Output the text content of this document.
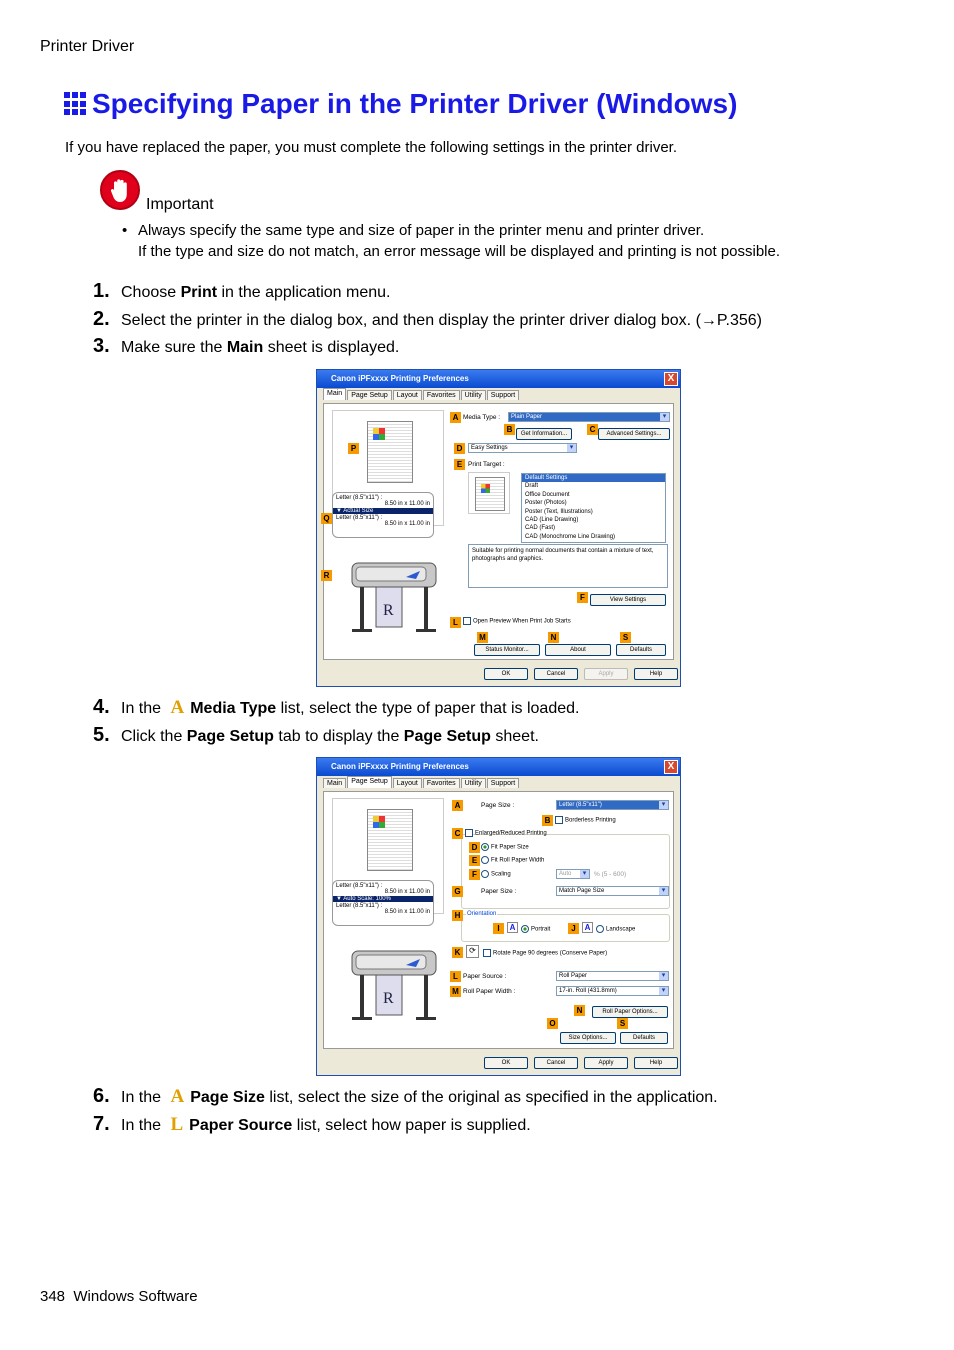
Printer Driver
Specifying Paper in the Printer Driver (Windows)
If you have replaced the paper, you must complete the following settings in the printer driver.
Important
• Always specify the same type and size of paper in the printer menu and printer driver.
If the type and size do not match, an error message will be displayed and printing is not possible.
1. Choose Print in the application menu.
2. Select the printer in the dialog box, and then display the printer driver dialog box. (→P.356)
3. Make sure the Main sheet is displayed.
Canon iPFxxxx Printing Preferences	X
Main	Page Setup	Layout	Favorites	Utility	Support
P
Letter (8.5"x11") :
8.50 in x 11.00 in
▼ Actual Size
Letter (8.5"x11") :
8.50 in x 11.00 in
Q
R
R
A Media Type :	Plain Paper ▾
B	Get Information...	C	Advanced Settings...
D	Easy Settings ▾
E Print Target :
Default Settings
Draft
Office Document
Poster (Photos)
Poster (Text, Illustrations)
CAD (Line Drawing)
CAD (Fast)
CAD (Monochrome Line Drawing)
Suitable for printing normal documents that contain a mixture of text, photographs and graphics.
F	View Settings
L	Open Preview When Print Job Starts
M	N	S
Status Monitor...	About	Defaults
OK	Cancel	Apply	Help
4. In the A Media Type list, select the type of paper that is loaded.
5. Click the Page Setup tab to display the Page Setup sheet.
Canon iPFxxxx Printing Preferences	X
Main	Page Setup	Layout	Favorites	Utility	Support
Letter (8.5"x11") :
8.50 in x 11.00 in
▼ Auto Scale: 100%
Letter (8.5"x11") :
8.50 in x 11.00 in
R
A	Page Size :	Letter (8.5"x11") ▾
B	Borderless Printing
C	Enlarged/Reduced Printing
D	Fit Paper Size
E	Fit Roll Paper Width
F	Scaling	Auto ▾	% (5 - 600)
G	Paper Size :	Match Page Size ▾
H	Orientation
I	A	Portrait	J	A	Landscape
K	⟳	Rotate Page 90 degrees (Conserve Paper)
L Paper Source :	Roll Paper ▾
M Roll Paper Width :	17-in. Roll (431.8mm) ▾
N	Roll Paper Options...
O	S
Size Options...	Defaults
OK	Cancel	Apply	Help
6. In the A Page Size list, select the size of the original as specified in the application.
7. In the L Paper Source list, select how paper is supplied.
348 Windows Software
